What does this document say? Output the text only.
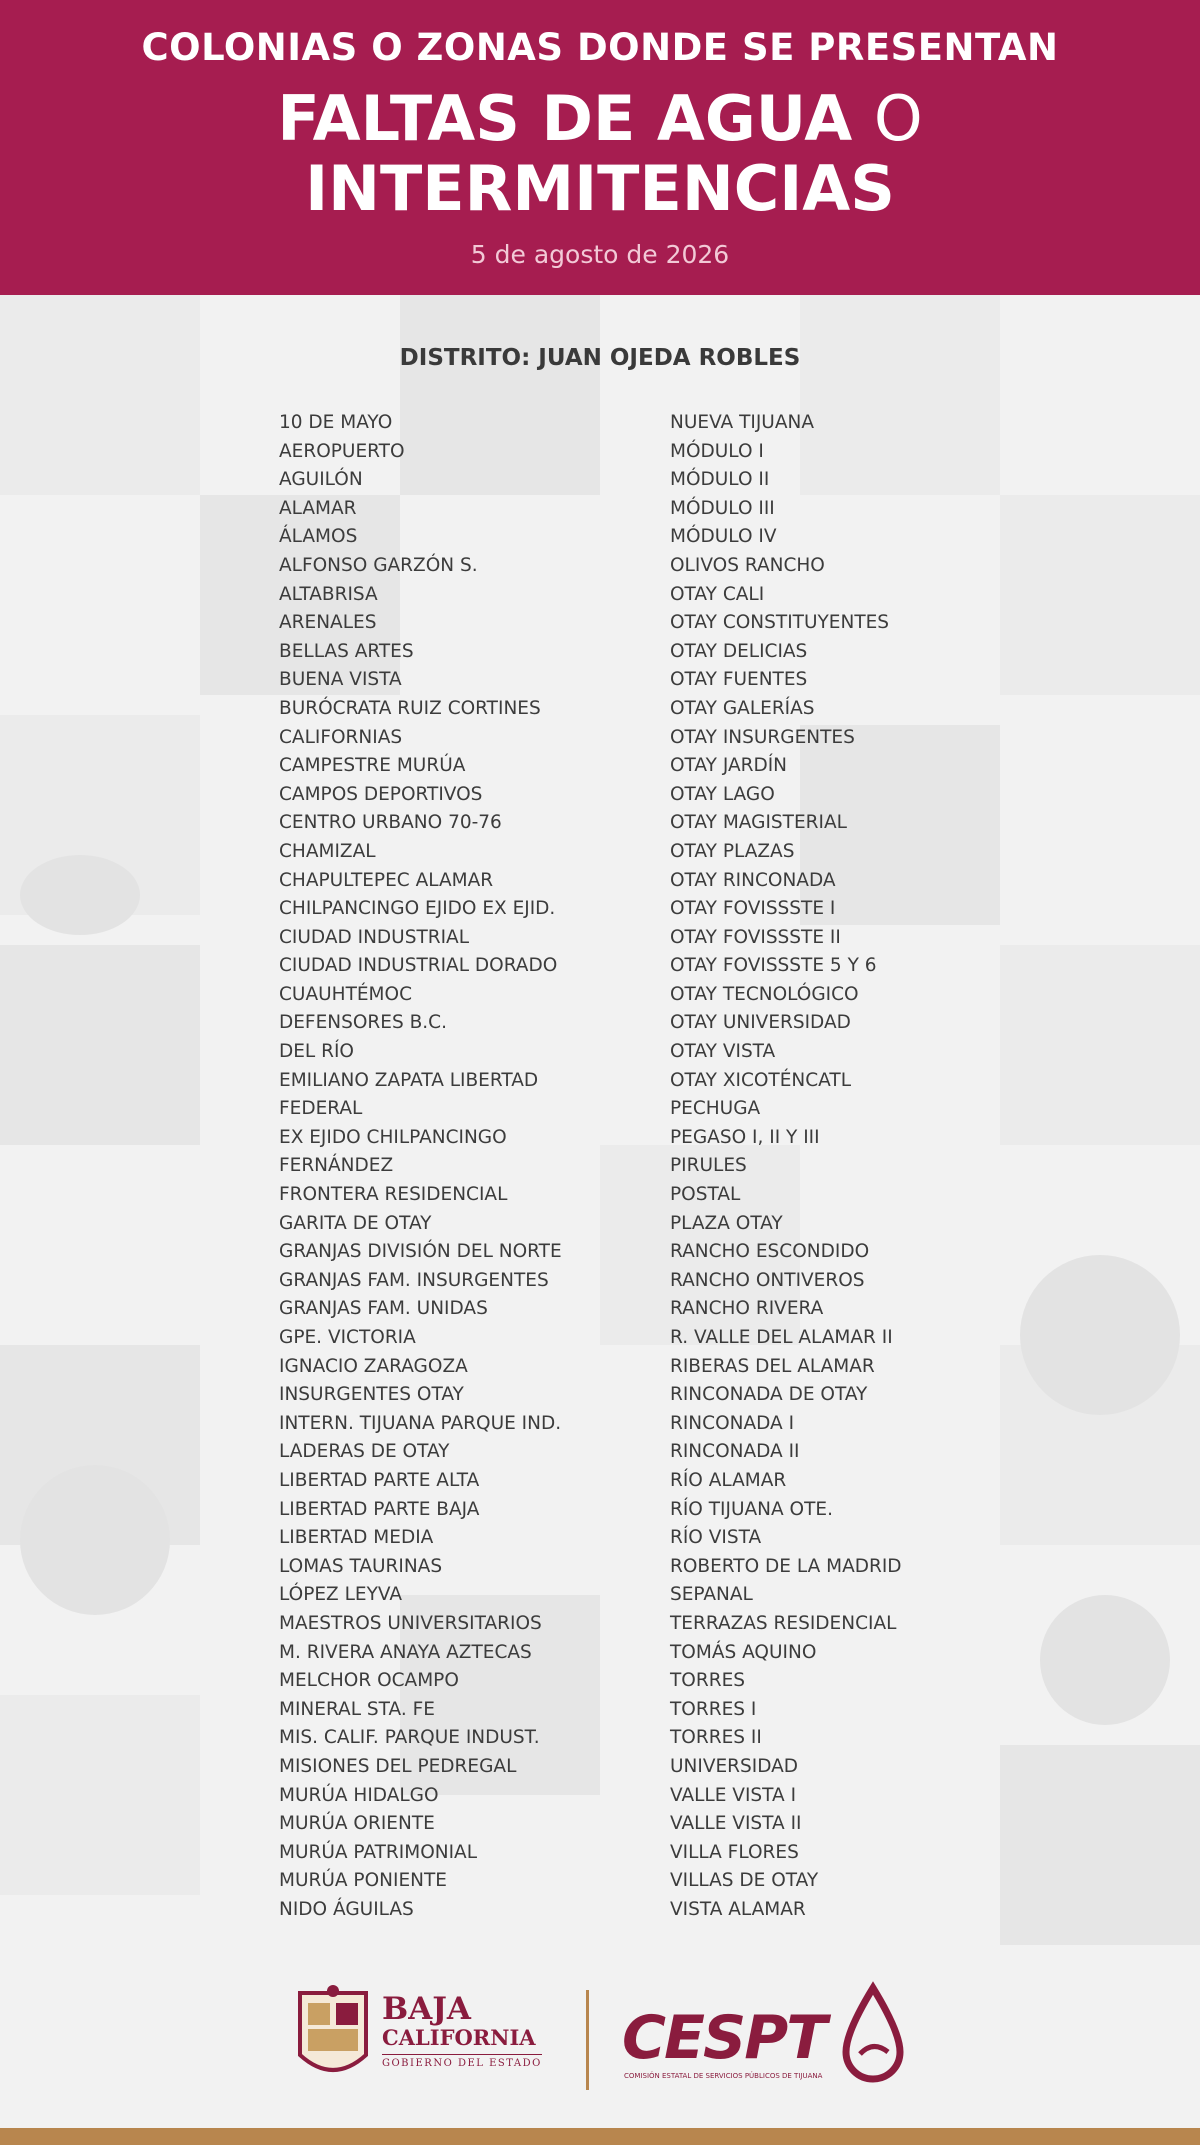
COLONIAS O ZONAS DONDE SE PRESENTAN
FALTAS DE AGUA O
INTERMITENCIAS
5 de agosto de 2026
DISTRITO: JUAN OJEDA ROBLES
10 DE MAYO
AEROPUERTO
AGUILÓN
ALAMAR
ÁLAMOS
ALFONSO GARZÓN S.
ALTABRISA
ARENALES
BELLAS ARTES
BUENA VISTA
BURÓCRATA RUIZ CORTINES
CALIFORNIAS
CAMPESTRE MURÚA
CAMPOS DEPORTIVOS
CENTRO URBANO 70-76
CHAMIZAL
CHAPULTEPEC ALAMAR
CHILPANCINGO EJIDO EX EJID.
CIUDAD INDUSTRIAL
CIUDAD INDUSTRIAL DORADO
CUAUHTÉMOC
DEFENSORES B.C.
DEL RÍO
EMILIANO ZAPATA LIBERTAD
FEDERAL
EX EJIDO CHILPANCINGO
FERNÁNDEZ
FRONTERA RESIDENCIAL
GARITA DE OTAY
GRANJAS DIVISIÓN DEL NORTE
GRANJAS FAM. INSURGENTES
GRANJAS FAM. UNIDAS
GPE. VICTORIA
IGNACIO ZARAGOZA
INSURGENTES OTAY
INTERN. TIJUANA PARQUE IND.
LADERAS DE OTAY
LIBERTAD PARTE ALTA
LIBERTAD PARTE BAJA
LIBERTAD MEDIA
LOMAS TAURINAS
LÓPEZ LEYVA
MAESTROS UNIVERSITARIOS
M. RIVERA ANAYA AZTECAS
MELCHOR OCAMPO
MINERAL STA. FE
MIS. CALIF. PARQUE INDUST.
MISIONES DEL PEDREGAL
MURÚA HIDALGO
MURÚA ORIENTE
MURÚA PATRIMONIAL
MURÚA PONIENTE
NIDO ÁGUILAS
NUEVA TIJUANA
MÓDULO I
MÓDULO II
MÓDULO III
MÓDULO IV
OLIVOS RANCHO
OTAY CALI
OTAY CONSTITUYENTES
OTAY DELICIAS
OTAY FUENTES
OTAY GALERÍAS
OTAY INSURGENTES
OTAY JARDÍN
OTAY LAGO
OTAY MAGISTERIAL
OTAY PLAZAS
OTAY RINCONADA
OTAY FOVISSSTE I
OTAY FOVISSSTE II
OTAY FOVISSSTE 5 Y 6
OTAY TECNOLÓGICO
OTAY UNIVERSIDAD
OTAY VISTA
OTAY XICOTÉNCATL
PECHUGA
PEGASO I, II Y III
PIRULES
POSTAL
PLAZA OTAY
RANCHO ESCONDIDO
RANCHO ONTIVEROS
RANCHO RIVERA
R. VALLE DEL ALAMAR II
RIBERAS DEL ALAMAR
RINCONADA DE OTAY
RINCONADA I
RINCONADA II
RÍO ALAMAR
RÍO TIJUANA OTE.
RÍO VISTA
ROBERTO DE LA MADRID
SEPANAL
TERRAZAS RESIDENCIAL
TOMÁS AQUINO
TORRES
TORRES I
TORRES II
UNIVERSIDAD
VALLE VISTA I
VALLE VISTA II
VILLA FLORES
VILLAS DE OTAY
VISTA ALAMAR
BAJA
CALIFORNIA
GOBIERNO DEL ESTADO CESPT
COMISIÓN ESTATAL DE SERVICIOS PÚBLICOS DE TIJUANA
